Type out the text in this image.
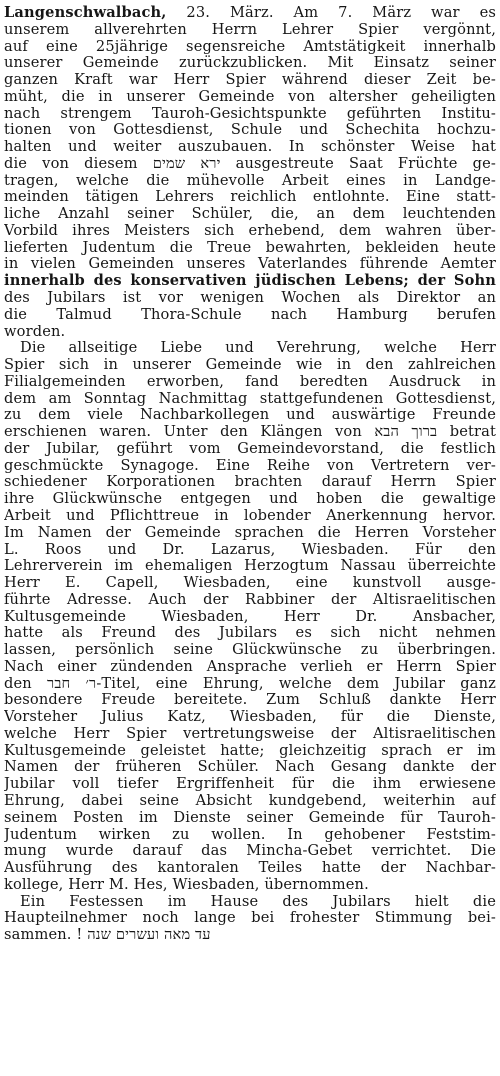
Langenschwalbach, 23. März. Am 7. März war es
unserem allverehrten Herrn Lehrer Spier vergönnt,
auf eine 25jährige segensreiche Amtstätigkeit innerhalb
unserer Gemeinde zurückzublicken. Mit Einsatz seiner
ganzen Kraft war Herr Spier während dieser Zeit be-
müht, die in unserer Gemeinde von altersher geheiligten
nach strengem Tauroh-Gesichtspunkte geführten Institu-
tionen von Gottesdienst, Schule und Schechita hochzu-
halten und weiter auszubauen. In schönster Weise hat
die von diesem ירא שמים ausgestreute Saat Früchte ge-
tragen, welche die mühevolle Arbeit eines in Landge-
meinden tätigen Lehrers reichlich entlohnte. Eine statt-
liche Anzahl seiner Schüler, die, an dem leuchtenden
Vorbild ihres Meisters sich erhebend, dem wahren über-
lieferten Judentum die Treue bewahrten, bekleiden heute
in vielen Gemeinden unseres Vaterlandes führende Aemter
innerhalb des konservativen jüdischen Lebens; der Sohn
des Jubilars ist vor wenigen Wochen als Direktor an
die Talmud Thora-Schule nach Hamburg berufen
worden.
Die allseitige Liebe und Verehrung, welche Herr
Spier sich in unserer Gemeinde wie in den zahlreichen
Filialgemeinden erworben, fand beredten Ausdruck in
dem am Sonntag Nachmittag stattgefundenen Gottesdienst,
zu dem viele Nachbarkollegen und auswärtige Freunde
erschienen waren. Unter den Klängen von ברוך הבא betrat
der Jubilar, geführt vom Gemeindevorstand, die festlich
geschmückte Synagoge. Eine Reihe von Vertretern ver-
schiedener Korporationen brachten darauf Herrn Spier
ihre Glückwünsche entgegen und hoben die gewaltige
Arbeit und Pflichttreue in lobender Anerkennung hervor.
Im Namen der Gemeinde sprachen die Herren Vorsteher
L. Roos und Dr. Lazarus, Wiesbaden. Für den
Lehrerverein im ehemaligen Herzogtum Nassau überreichte
Herr E. Capell, Wiesbaden, eine kunstvoll ausge-
führte Adresse. Auch der Rabbiner der Altisraelitischen
Kultusgemeinde Wiesbaden, Herr Dr. Ansbacher,
hatte als Freund des Jubilars es sich nicht nehmen
lassen, persönlich seine Glückwünsche zu überbringen.
Nach einer zündenden Ansprache verlieh er Herrn Spier
den ר׳ חבר-Titel, eine Ehrung, welche dem Jubilar ganz
besondere Freude bereitete. Zum Schluß dankte Herr
Vorsteher Julius Katz, Wiesbaden, für die Dienste,
welche Herr Spier vertretungsweise der Altisraelitischen
Kultusgemeinde geleistet hatte; gleichzeitig sprach er im
Namen der früheren Schüler. Nach Gesang dankte der
Jubilar voll tiefer Ergriffenheit für die ihm erwiesene
Ehrung, dabei seine Absicht kundgebend, weiterhin auf
seinem Posten im Dienste seiner Gemeinde für Tauroh-
Judentum wirken zu wollen. In gehobener Feststim-
mung wurde darauf das Mincha-Gebet verrichtet. Die
Ausführung des kantoralen Teiles hatte der Nachbar-
kollege, Herr M. Hes, Wiesbaden, übernommen.
Ein Festessen im Hause des Jubilars hielt die
Haupteilnehmer noch lange bei frohester Stimmung bei-
sammen. ! עד מאה ועשרים שנה
